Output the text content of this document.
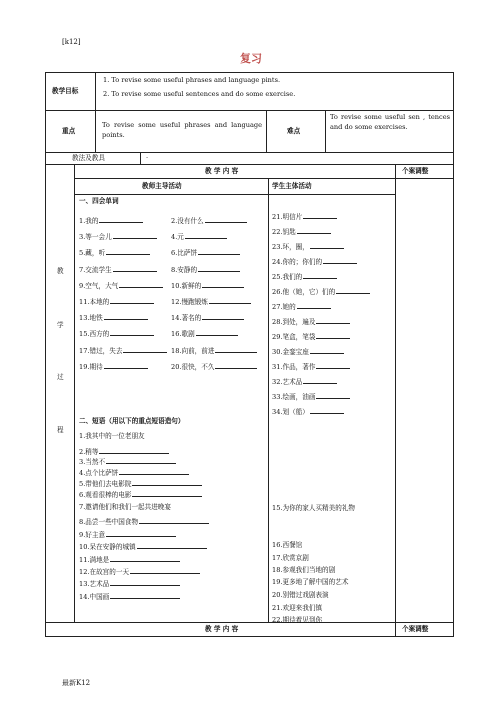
[k12]
复习
最新K12
教学目标
1. To revise some useful phrases and language pints.
2. To revise some useful sentences and do some exercise.
重点
To revise some useful phrases and language points.	难点
To revise some useful sen , tences and do some exercises.
教法及教具	·
教
学
过
程
教 学 内 容	个案调整
教师主导活动	学生主体活动
一、四会单词
1.我的	2.没有什么
3.等一会儿	4.元
5.藏，听	6.比萨饼
7.交流学生	8.安静的
9.空气，大气	10.新鲜的
11.本地的	12.慢跑锻炼
13.地铁	14.著名的
15.西方的	16.歌剧
17.错过，失去	18.向前，前进
19.期待	20.很快，不久
21.明信片
22.钥匙
23.环，圈，
24.你的；你们的
25.我们的
26.他（她，它）们的
27.她的
28.到处，遍及
29.笔盒，笔袋
30.金銮宝座
31.作品，著作
32.艺术品
33.绘画，油画
34.划（船）
二、短语（用以下的重点短语造句）
1.我其中的一位老朋友
2.稍等
3.当然不
4.点个比萨饼
5.带他们去电影院
6.观看很棒的电影
7.邀请他们和我们一起共进晚宴
8.品尝一些中国食物
9.好主意
10.呆在安静的城镇
11.满地是
12.在故宫的一天
13.艺术品
14.中国画
15.为你的家人买精美的礼物
16.西餐馆
17.欣赏京剧
18.参观我们当地的剧
19.更多地了解中国的艺术
20.别错过戏剧表演
21.欢迎来我们镇
22.期待着见到你
教 学 内 容	个案调整
